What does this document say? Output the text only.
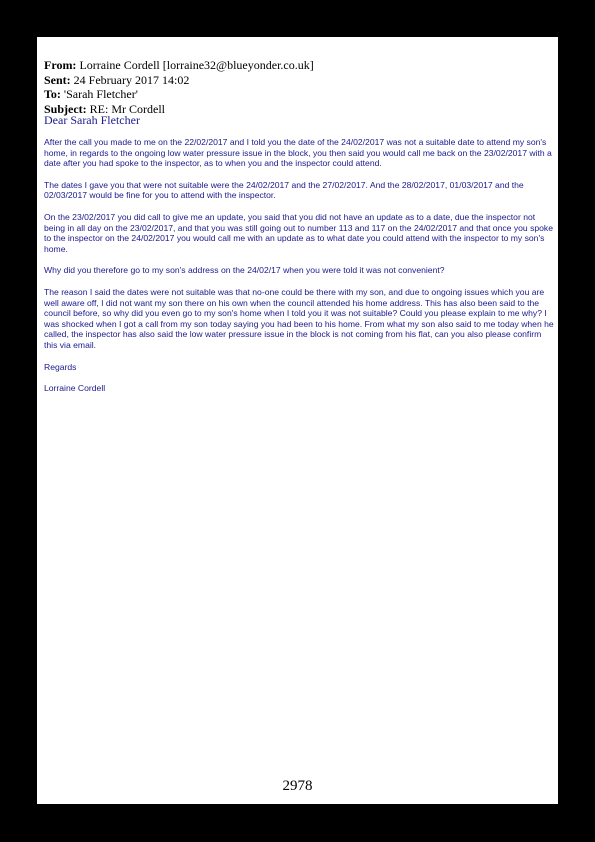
From: Lorraine Cordell [lorraine32@blueyonder.co.uk]
Sent: 24 February 2017 14:02
To: 'Sarah Fletcher'
Subject: RE: Mr Cordell
Dear Sarah Fletcher

After the call you made to me on the 22/02/2017 and I told you the date of the 24/02/2017 was not a suitable date to attend my son's home, in regards to the ongoing low water pressure issue in the block, you then said you would call me back on the 23/02/2017 with a date after you had spoke to the inspector, as to when you and the inspector could attend.

The dates I gave you that were not suitable were the 24/02/2017 and the 27/02/2017. And the 28/02/2017, 01/03/2017 and the 02/03/2017 would be fine for you to attend with the inspector.

On the 23/02/2017 you did call to give me an update, you said that you did not have an update as to a date, due the inspector not being in all day on the 23/02/2017, and that you was still going out to number 113 and 117 on the 24/02/2017 and that once you spoke to the inspector on the 24/02/2017 you would call me with an update as to what date you could attend with the inspector to my son's home.

Why did you therefore go to my son's address on the 24/02/17 when you were told it was not convenient?

The reason I said the dates were not suitable was that no-one could be there with my son, and due to ongoing issues which you are well aware off, I did not want my son there on his own when the council attended his home address. This has also been said to the council before, so why did you even go to my son's home when I told you it was not suitable? Could you please explain to me why? I was shocked when I got a call from my son today saying you had been to his home. From what my son also said to me today when he called, the inspector has also said the low water pressure issue in the block is not coming from his flat, can you also please confirm this via email.

Regards

Lorraine Cordell

2978
